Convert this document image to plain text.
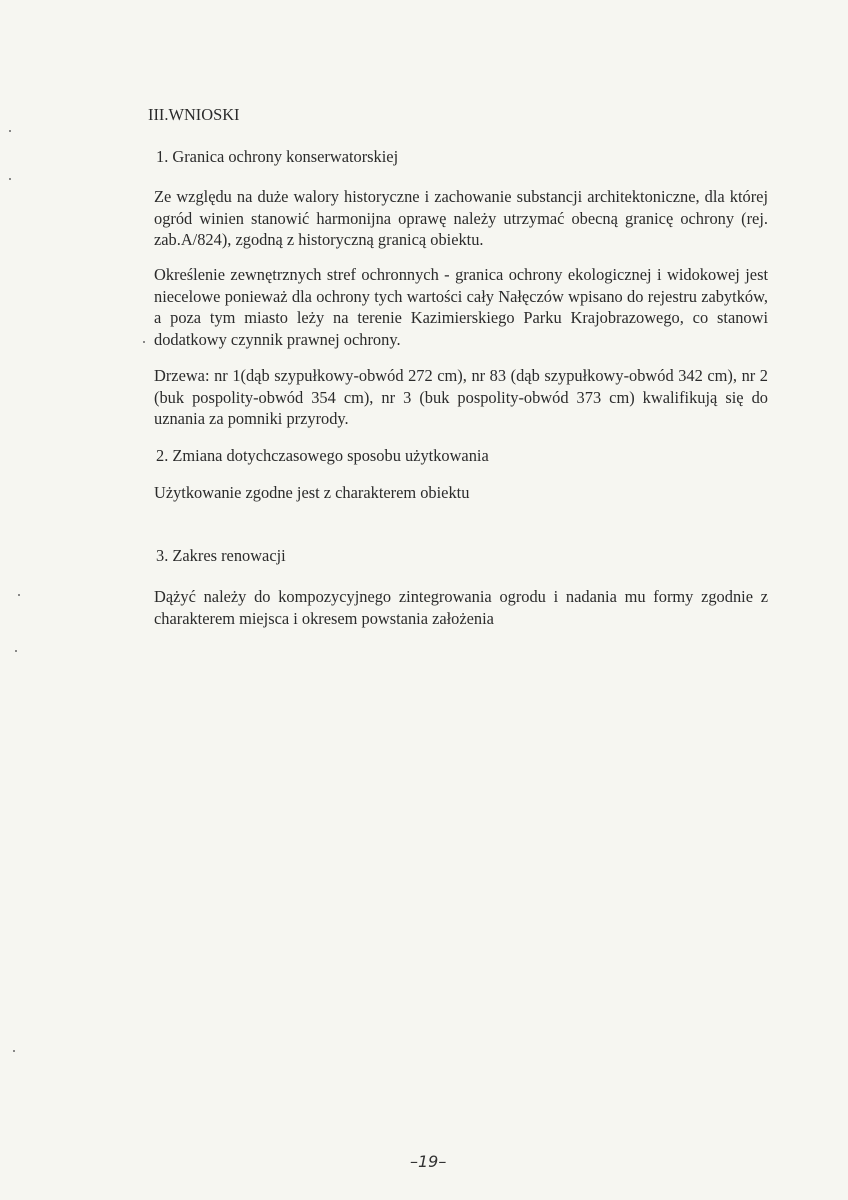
III.WNIOSKI

1. Granica ochrony konserwatorskiej

Ze względu na duże walory historyczne i zachowanie substancji architektoniczne, dla której ogród winien stanowić harmonijna oprawę należy utrzymać obecną granicę ochrony (rej. zab.A/824), zgodną z historyczną granicą obiektu.

Określenie zewnętrznych stref ochronnych - granica ochrony ekologicznej i widokowej jest niecelowe ponieważ dla ochrony tych wartości cały Nałęczów wpisano do rejestru zabytków, a poza tym miasto leży na terenie Kazimierskiego Parku Krajobrazowego, co stanowi dodatkowy czynnik prawnej ochrony.

Drzewa: nr 1(dąb szypułkowy-obwód 272 cm), nr 83 (dąb szypułkowy-obwód 342 cm), nr 2 (buk pospolity-obwód 354 cm), nr 3 (buk pospolity-obwód 373 cm) kwalifikują się do uznania za pomniki przyrody.

2. Zmiana dotychczasowego sposobu użytkowania

Użytkowanie zgodne jest z charakterem obiektu

3. Zakres renowacji

Dążyć należy do kompozycyjnego zintegrowania ogrodu i nadania mu formy zgodnie z charakterem miejsca i okresem powstania założenia

–19–
